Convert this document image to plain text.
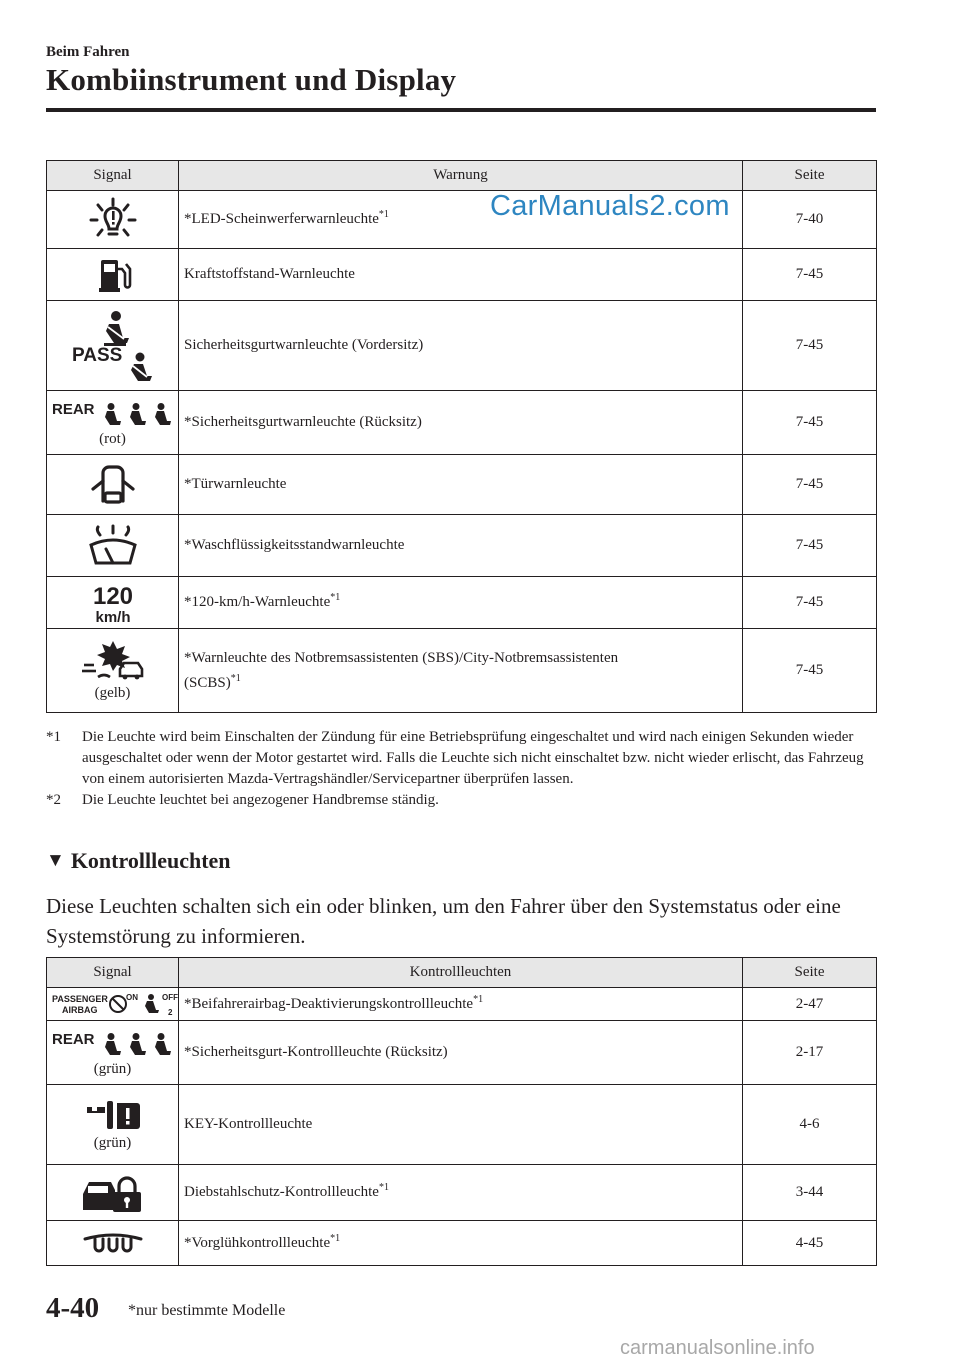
Beim Fahren
Kombiinstrument und Display
Signal	Warnung	Seite
	*LED-Scheinwerferwarnleuchte$^{*1}$	7-40
	Kraftstoffstand-Warnleuchte	7-45

PASS	Sicherheitsgurtwarnleuchte (Vordersitz)	7-45

REAR
(rot)	*Sicherheitsgurtwarnleuchte (Rücksitz)	7-45
	*Türwarnleuchte	7-45
	*Waschflüssigkeitsstandwarnleuchte	7-45

120
km/h	*120-km/h-Warnleuchte$^{*1}$	7-45

(gelb)	*Warnleuchte des Notbremsassistenten (SBS)/City-Notbremsassistenten
(SCBS)$^{*1}$	7-45
CarManuals2.com
*1	Die Leuchte wird beim Einschalten der Zündung für eine Betriebsprüfung eingeschaltet und wird nach einigen Sekunden wieder ausgeschaltet oder wenn der Motor gestartet wird. Falls die Leuchte sich nicht einschaltet bzw. nicht wieder erlischt, das Fahrzeug von einem autorisierten Mazda-Vertragshändler/Servicepartner überprüfen lassen.
*2	Die Leuchte leuchtet bei angezogener Handbremse ständig.
▼ Kontrollleuchten
Diese Leuchten schalten sich ein oder blinken, um den Fahrer über den Systemstatus oder eine Systemstörung zu informieren.
Signal	Kontrollleuchten	Seite

PASSENGER
AIRBAG
ON OFF
2	*Beifahrerairbag-Deaktivierungskontrollleuchte$^{*1}$	2-47

REAR
(grün)	*Sicherheitsgurt-Kontrollleuchte (Rücksitz)	2-17

(grün)	KEY-Kontrollleuchte	4-6
	Diebstahlschutz-Kontrollleuchte$^{*1}$	3-44
	*Vorglühkontrollleuchte$^{*1}$	4-45
4-40 *nur bestimmte Modelle
carmanualsonline.info
